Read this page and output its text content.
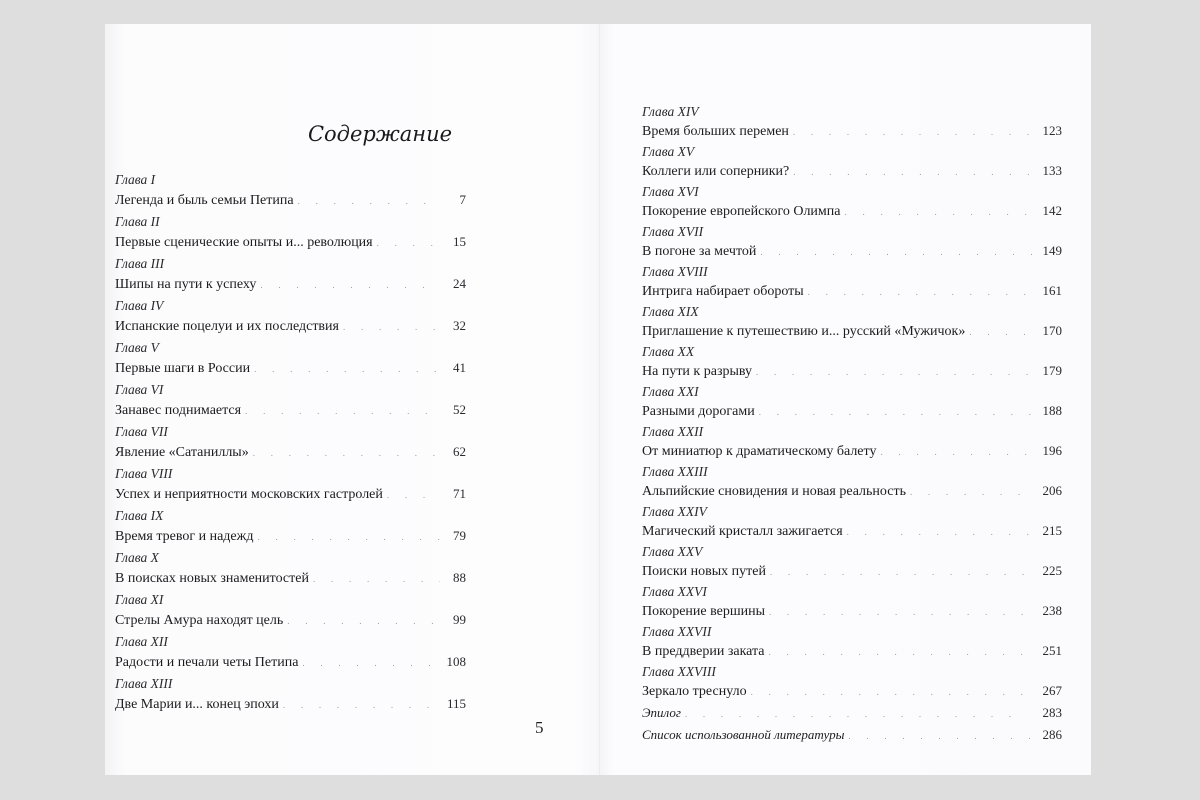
Содержание
Глава I
Легенда и быль семьи Петипа .	7
Глава II
Первые сценические опыты и... революция .	15
Глава III
Шипы на пути к успеху .	24
Глава IV
Испанские поцелуи и их последствия .	32
Глава V
Первые шаги в России .	41
Глава VI
Занавес поднимается .	52
Глава VII
Явление «Сатаниллы» .	62
Глава VIII
Успех и неприятности московских гастролей .	71
Глава IX
Время тревог и надежд .	79
Глава X
В поисках новых знаменитостей .	88
Глава XI
Стрелы Амура находят цель .	99
Глава XII
Радости и печали четы Петипа .	108
Глава XIII
Две Марии и... конец эпохи .	115
5
Глава XIV
Время больших перемен .	123
Глава XV
Коллеги или соперники? .	133
Глава XVI
Покорение европейского Олимпа .	142
Глава XVII
В погоне за мечтой .	149
Глава XVIII
Интрига набирает обороты .	161
Глава XIX
Приглашение к путешествию и... русский «Мужичок» .	170
Глава XX
На пути к разрыву .	179
Глава XXI
Разными дорогами .	188
Глава XXII
От миниатюр к драматическому балету .	196
Глава XXIII
Альпийские сновидения и новая реальность .	206
Глава XXIV
Магический кристалл зажигается .	215
Глава XXV
Поиски новых путей .	225
Глава XXVI
Покорение вершины .	238
Глава XXVII
В преддверии заката .	251
Глава XXVIII
Зеркало треснуло .	267
Эпилог .	283
Список использованной литературы .	286
